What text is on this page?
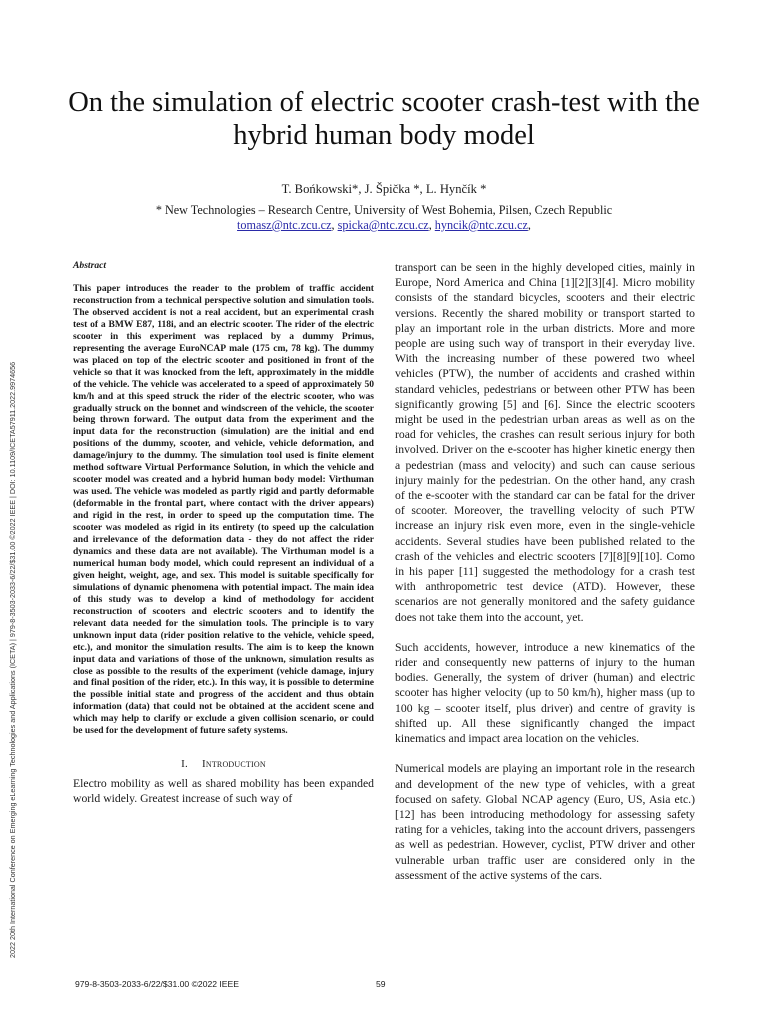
2022 20th International Conference on Emerging eLearning Technologies and Applications (ICETA) | 979-8-3503-2033-6/22/$31.00 ©2022 IEEE | DOI: 10.1109/ICETA57911.2022.9974656
On the simulation of electric scooter crash-test with the hybrid human body model
T. Bońkowski*, J. Špička *, L. Hynčík *
* New Technologies – Research Centre, University of West Bohemia, Pilsen, Czech Republic
tomasz@ntc.zcu.cz, spicka@ntc.zcu.cz, hyncik@ntc.zcu.cz,

Abstract

This paper introduces the reader to the problem of traffic accident reconstruction from a technical perspective solution and simulation tools. The observed accident is not a real accident, but an experimental crash test of a BMW E87, 118i, and an electric scooter. The rider of the electric scooter in this experiment was replaced by a dummy Primus, representing the average EuroNCAP male (175 cm, 78 kg). The dummy was placed on top of the electric scooter and positioned in front of the vehicle so that it was knocked from the left, approximately in the middle of the vehicle. The vehicle was accelerated to a speed of approximately 50 km/h and at this speed struck the rider of the electric scooter, who was gradually struck on the bonnet and windscreen of the vehicle, the scooter being thrown forward. The output data from the experiment and the input data for the reconstruction (simulation) are the initial and end positions of the dummy, scooter, and vehicle, vehicle deformation, and damage/injury to the dummy. The simulation tool used is finite element method software Virtual Performance Solution, in which the vehicle and scooter model was created and a hybrid human body model: Virthuman was used. The vehicle was modeled as partly rigid and partly deformable (deformable in the frontal part, where contact with the driver appears) and rigid in the rest, in order to speed up the computation time. The scooter was modeled as rigid in its entirety (to speed up the calculation and irrelevance of the deformation data - they do not affect the rider dynamics and these data are not available). The Virthuman model is a numerical human body model, which could represent an individual of a given height, weight, age, and sex. This model is suitable specifically for simulations of dynamic phenomena with potential impact. The main idea of this study was to develop a kind of methodology for accident reconstruction of scooters and electric scooters and to identify the relevant data needed for the simulation tools. The principle is to vary unknown input data (rider position relative to the vehicle, vehicle speed, etc.), and monitor the simulation results. The aim is to keep the known input data and variations of those of the unknown, simulation results as close as possible to the results of the experiment (vehicle damage, injury and final position of the rider, etc.). In this way, it is possible to determine the possible initial state and progress of the accident and thus obtain information (data) that could not be obtained at the accident scene and which may help to clarify or exclude a given collision scenario, or could be used for the development of future safety systems.

I. Introduction

Electro mobility as well as shared mobility has been expanded world widely. Greatest increase of such way of

transport can be seen in the highly developed cities, mainly in Europe, Nord America and China [1][2][3][4]. Micro mobility consists of the standard bicycles, scooters and their electric versions. Recently the shared mobility or transport started to play an important role in the urban districts. More and more people are using such way of transport in their everyday live. With the increasing number of these powered two wheel vehicles (PTW), the number of accidents and crashed within standard vehicles, pedestrians or between other PTW has been significantly growing [5] and [6]. Since the electric scooters might be used in the pedestrian urban areas as well as on the road for vehicles, the crashes can result serious injury for both involved. Driver on the e-scooter has higher kinetic energy then a pedestrian (mass and velocity) and such can cause serious injury mainly for the pedestrian. On the other hand, any crash of the e-scooter with the standard car can be fatal for the driver of scooter. Moreover, the travelling velocity of such PTW increase an injury risk even more, even in the single-vehicle accidents. Several studies have been published related to the crash of the vehicles and electric scooters [7][8][9][10]. Como in his paper [11] suggested the methodology for a crash test with anthropometric test device (ATD). However, these scenarios are not generally monitored and the safety guidance does not take them into the account, yet.

Such accidents, however, introduce a new kinematics of the rider and consequently new patterns of injury to the human bodies. Generally, the system of driver (human) and electric scooter has higher velocity (up to 50 km/h), higher mass (up to 100 kg – scooter itself, plus driver) and centre of gravity is shifted up. All these significantly changed the impact kinematics and impact area location on the vehicles.

Numerical models are playing an important role in the research and development of the new type of vehicles, with a great focused on safety. Global NCAP agency (Euro, US, Asia etc.) [12] has been introducing methodology for assessing safety rating for a vehicles, taking into the account drivers, passengers as well as pedestrian. However, cyclist, PTW driver and other vulnerable urban traffic user are considered only in the assessment of the active systems of the cars.

979-8-3503-2033-6/22/$31.00 ©2022 IEEE	59
